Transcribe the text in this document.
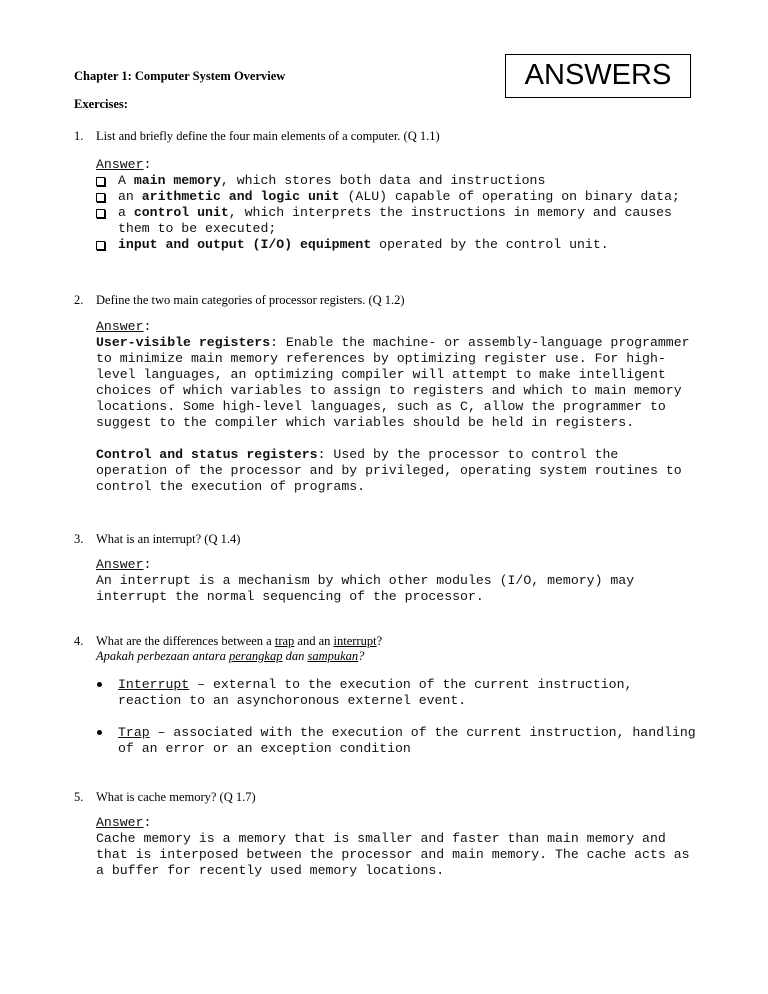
Chapter 1: Computer System Overview	ANSWERS
Exercises:
1. List and briefly define the four main elements of a computer. (Q 1.1)
Answer:
A main memory, which stores both data and instructions
an arithmetic and logic unit (ALU) capable of operating on binary data;
a control unit, which interprets the instructions in memory and causes them to be executed;
input and output (I/O) equipment operated by the control unit.
2. Define the two main categories of processor registers. (Q 1.2)
Answer:

User-visible registers: Enable the machine- or assembly-language programmer to minimize main memory references by optimizing register use. For high-level languages, an optimizing compiler will attempt to make intelligent choices of which variables to assign to registers and which to main memory locations. Some high-level languages, such as C, allow the programmer to suggest to the compiler which variables should be held in registers.

Control and status registers: Used by the processor to control the operation of the processor and by privileged, operating system routines to control the execution of programs.

3. What is an interrupt? (Q 1.4)
Answer:

An interrupt is a mechanism by which other modules (I/O, memory) may interrupt the normal sequencing of the processor.

4. What are the differences between a trap and an interrupt?
Apakah perbezaan antara perangkap dan sampukan?
Interrupt – external to the execution of the current instruction, reaction to an asynchoronous externel event.
Trap – associated with the execution of the current instruction, handling of an error or an exception condition
5. What is cache memory? (Q 1.7)
Answer:

Cache memory is a memory that is smaller and faster than main memory and that is interposed between the processor and main memory. The cache acts as a buffer for recently used memory locations.
